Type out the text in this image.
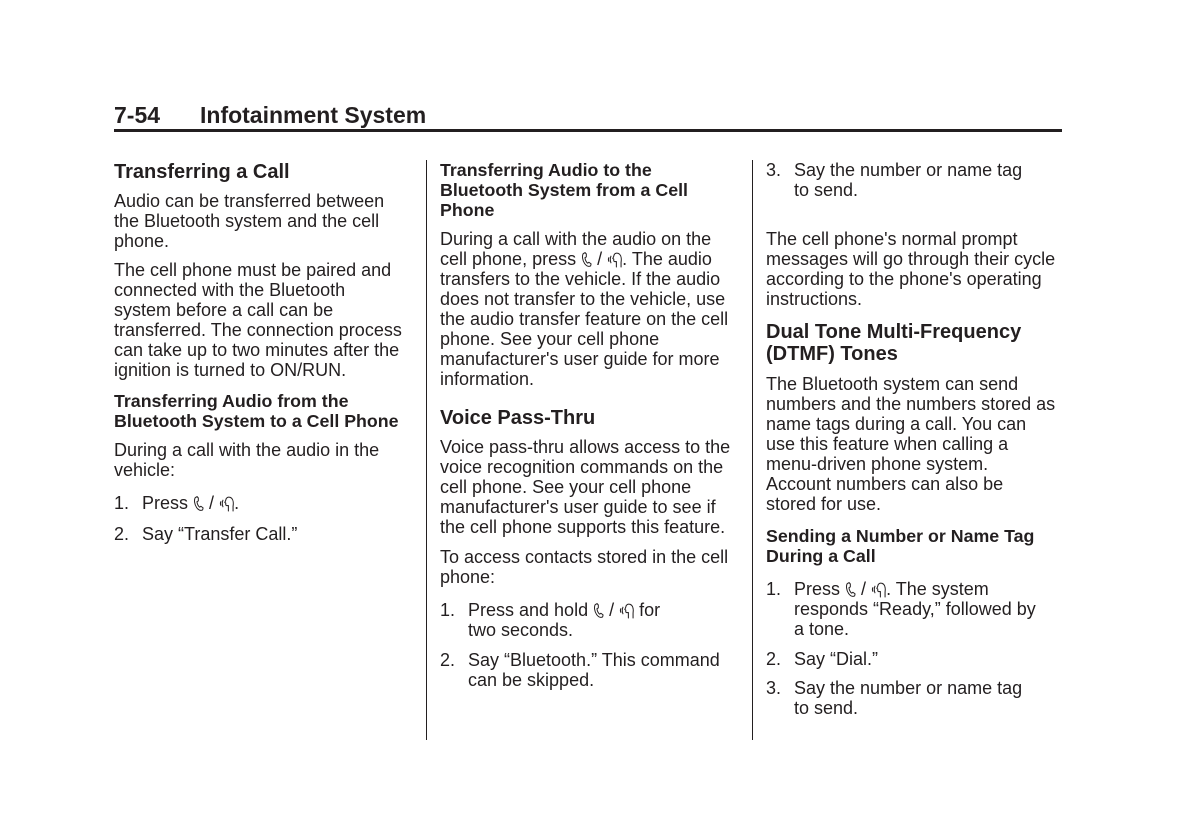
7-54 Infotainment System
Transferring a Call

Audio can be transferred between
the Bluetooth system and the cell
phone.

The cell phone must be paired and
connected with the Bluetooth
system before a call can be
transferred. The connection process
can take up to two minutes after the
ignition is turned to ON/RUN.

Transferring Audio from the
Bluetooth System to a Cell Phone

During a call with the audio in the
vehicle:

1. Press / .
2. Say “Transfer Call.”
Transferring Audio to the
Bluetooth System from a Cell
Phone

During a call with the audio on the
cell phone, press / . The audio
transfers to the vehicle. If the audio
does not transfer to the vehicle, use
the audio transfer feature on the cell
phone. See your cell phone
manufacturer's user guide for more
information.

Voice Pass-Thru

Voice pass-thru allows access to the
voice recognition commands on the
cell phone. See your cell phone
manufacturer's user guide to see if
the cell phone supports this feature.

To access contacts stored in the cell
phone:

1. Press and hold / for
two seconds.
2. Say “Bluetooth.” This command
can be skipped.
3. Say the number or name tag
to send.

The cell phone's normal prompt
messages will go through their cycle
according to the phone's operating
instructions.

Dual Tone Multi-Frequency
(DTMF) Tones

The Bluetooth system can send
numbers and the numbers stored as
name tags during a call. You can
use this feature when calling a
menu-driven phone system.
Account numbers can also be
stored for use.

Sending a Number or Name Tag
During a Call
1. Press / . The system
responds “Ready,” followed by
a tone.
2. Say “Dial.”
3. Say the number or name tag
to send.
